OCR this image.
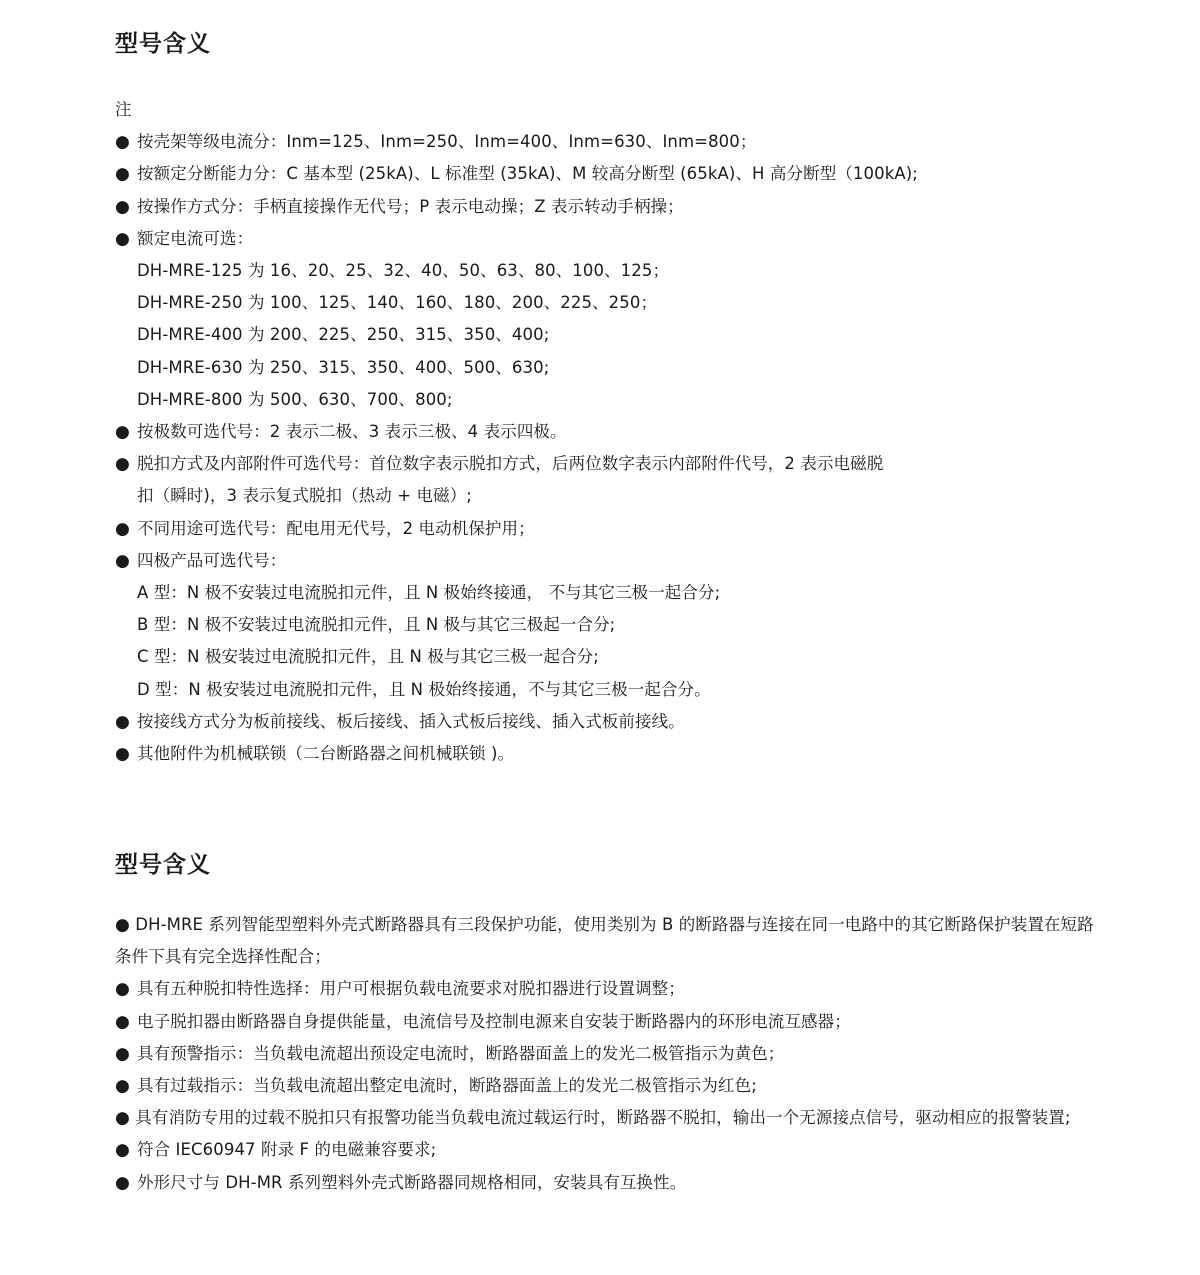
型号含义
注
● 按壳架等级电流分：Inm=125、Inm=250、Inm=400、Inm=630、Inm=800；
● 按额定分断能力分：C 基本型 (25kA)、L 标准型 (35kA)、M 较高分断型 (65kA)、H 高分断型（100kA);
● 按操作方式分：手柄直接操作无代号；P 表示电动操；Z 表示转动手柄操；
● 额定电流可选：
DH-MRE-125 为 16、20、25、32、40、50、63、80、100、125；
DH-MRE-250 为 100、125、140、160、180、200、225、250；
DH-MRE-400 为 200、225、250、315、350、400;
DH-MRE-630 为 250、315、350、400、500、630;
DH-MRE-800 为 500、630、700、800;
● 按极数可选代号：2 表示二极、3 表示三极、4 表示四极。
● 脱扣方式及内部附件可选代号：首位数字表示脱扣方式，后两位数字表示内部附件代号，2 表示电磁脱
扣（瞬时)，3 表示复式脱扣（热动 + 电磁）;
● 不同用途可选代号：配电用无代号，2 电动机保护用；
● 四极产品可选代号：
A 型：N 极不安装过电流脱扣元件，且 N 极始终接通， 不与其它三极一起合分;
B 型：N 极不安装过电流脱扣元件，且 N 极与其它三极起一合分;
C 型：N 极安装过电流脱扣元件，且 N 极与其它三极一起合分;
D 型：N 极安装过电流脱扣元件，且 N 极始终接通，不与其它三极一起合分。
● 按接线方式分为板前接线、板后接线、插入式板后接线、插入式板前接线。
● 其他附件为机械联锁（二台断路器之间机械联锁 )。
型号含义
● DH-MRE 系列智能型塑料外壳式断路器具有三段保护功能，使用类别为 B 的断路器与连接在同一电路中的其它断路保护装置在短路条件下具有完全选择性配合；
● 具有五种脱扣特性选择：用户可根据负载电流要求对脱扣器进行设置调整；
● 电子脱扣器由断路器自身提供能量，电流信号及控制电源来自安装于断路器内的环形电流互感器；
● 具有预警指示：当负载电流超出预设定电流时，断路器面盖上的发光二极管指示为黄色；
● 具有过载指示：当负载电流超出整定电流时，断路器面盖上的发光二极管指示为红色;
● 具有消防专用的过载不脱扣只有报警功能当负载电流过载运行时，断路器不脱扣，输出一个无源接点信号，驱动相应的报警装置;
● 符合 IEC60947 附录 F 的电磁兼容要求;
● 外形尺寸与 DH-MR 系列塑料外壳式断路器同规格相同，安装具有互换性。
